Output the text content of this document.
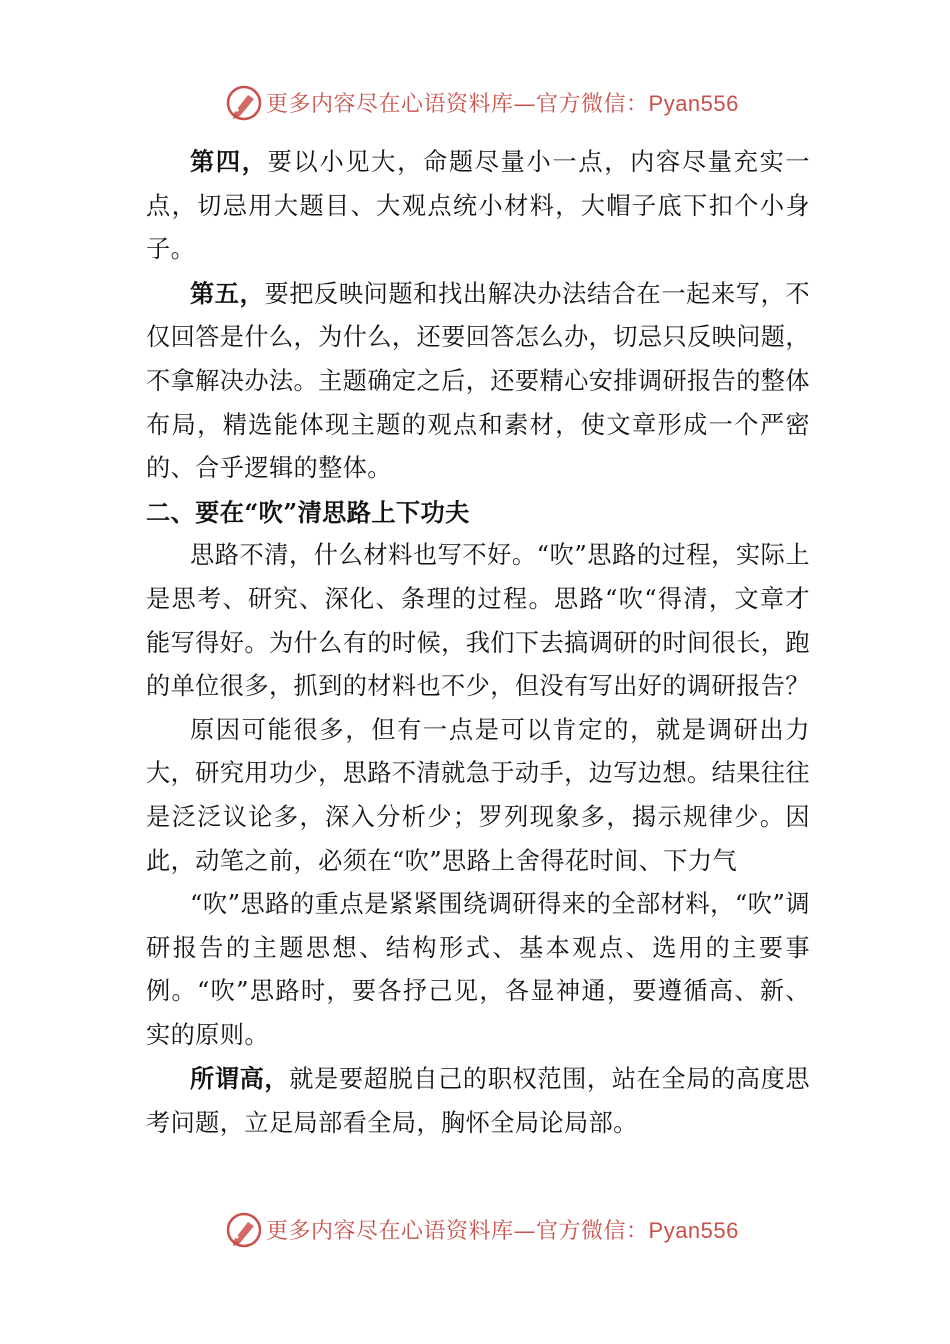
更多内容尽在心语资料库—官方微信：Pyan556

第四，要以小见大，命题尽量小一点，内容尽量充实一点，切忌用大题目、大观点统小材料，大帽子底下扣个小身子。

第五，要把反映问题和找出解决办法结合在一起来写，不仅回答是什么，为什么，还要回答怎么办，切忌只反映问题，不拿解决办法。主题确定之后，还要精心安排调研报告的整体布局，精选能体现主题的观点和素材，使文章形成一个严密的、合乎逻辑的整体。

二、要在“吹”清思路上下功夫

思路不清，什么材料也写不好。“吹”思路的过程，实际上是思考、研究、深化、条理的过程。思路“吹“得清，文章才能写得好。为什么有的时候，我们下去搞调研的时间很长，跑的单位很多，抓到的材料也不少，但没有写出好的调研报告？

原因可能很多，但有一点是可以肯定的，就是调研出力大，研究用功少，思路不清就急于动手，边写边想。结果往往是泛泛议论多，深入分析少；罗列现象多，揭示规律少。因此，动笔之前，必须在“吹”思路上舍得花时间、下力气

“吹”思路的重点是紧紧围绕调研得来的全部材料，“吹”调研报告的主题思想、结构形式、基本观点、选用的主要事例。“吹”思路时，要各抒己见，各显神通，要遵循高、新、实的原则。

所谓高，就是要超脱自己的职权范围，站在全局的高度思考问题，立足局部看全局，胸怀全局论局部。

更多内容尽在心语资料库—官方微信：Pyan556
